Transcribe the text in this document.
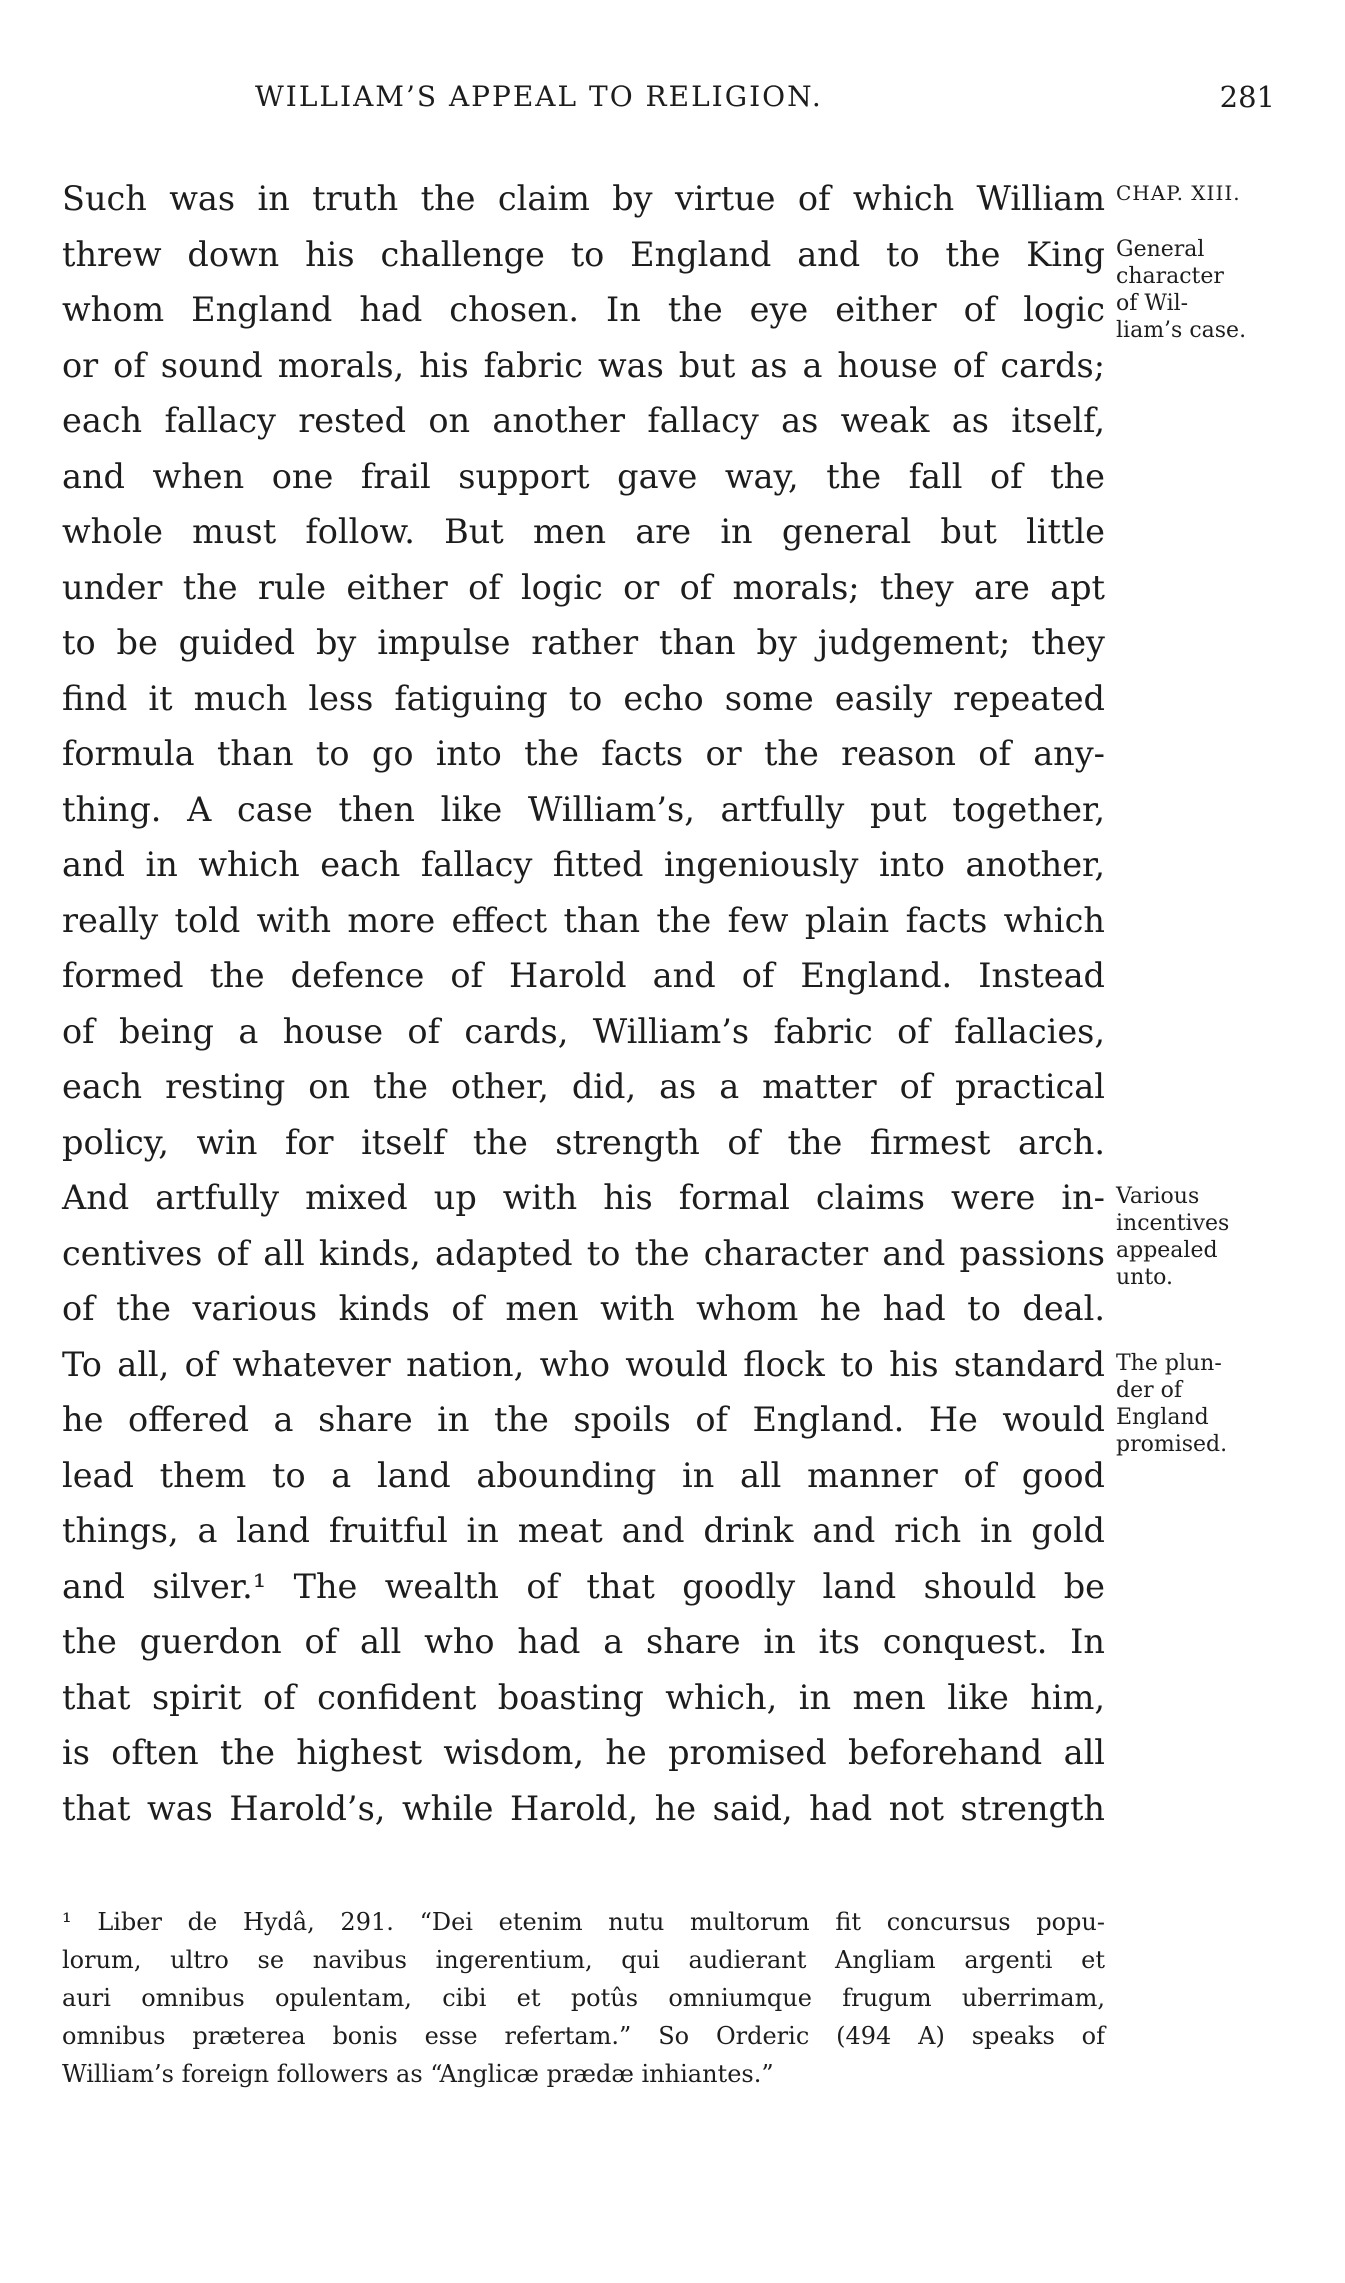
WILLIAM’S APPEAL TO RELIGION.	281
Such was in truth the claim by virtue of which William
threw down his challenge to England and to the King
whom England had chosen. In the eye either of logic
or of sound morals, his fabric was but as a house of cards;
each fallacy rested on another fallacy as weak as itself,
and when one frail support gave way, the fall of the
whole must follow. But men are in general but little
under the rule either of logic or of morals; they are apt
to be guided by impulse rather than by judgement; they
find it much less fatiguing to echo some easily repeated
formula than to go into the facts or the reason of any-
thing. A case then like William’s, artfully put together,
and in which each fallacy fitted ingeniously into another,
really told with more effect than the few plain facts which
formed the defence of Harold and of England. Instead
of being a house of cards, William’s fabric of fallacies,
each resting on the other, did, as a matter of practical
policy, win for itself the strength of the firmest arch.
And artfully mixed up with his formal claims were in-
centives of all kinds, adapted to the character and passions
of the various kinds of men with whom he had to deal.
To all, of whatever nation, who would flock to his standard
he offered a share in the spoils of England. He would
lead them to a land abounding in all manner of good
things, a land fruitful in meat and drink and rich in gold
and silver.¹ The wealth of that goodly land should be
the guerdon of all who had a share in its conquest. In
that spirit of confident boasting which, in men like him,
is often the highest wisdom, he promised beforehand all
that was Harold’s, while Harold, he said, had not strength
CHAP. XIII.
General
character
of Wil-
liam’s case.
Various
incentives
appealed
unto.
The plun-
der of
England
promised.
¹ Liber de Hydâ, 291. “Dei etenim nutu multorum fit concursus popu-
lorum, ultro se navibus ingerentium, qui audierant Angliam argenti et
auri omnibus opulentam, cibi et potûs omniumque frugum uberrimam,
omnibus præterea bonis esse refertam.” So Orderic (494 A) speaks of
William’s foreign followers as “Anglicæ prædæ inhiantes.”
